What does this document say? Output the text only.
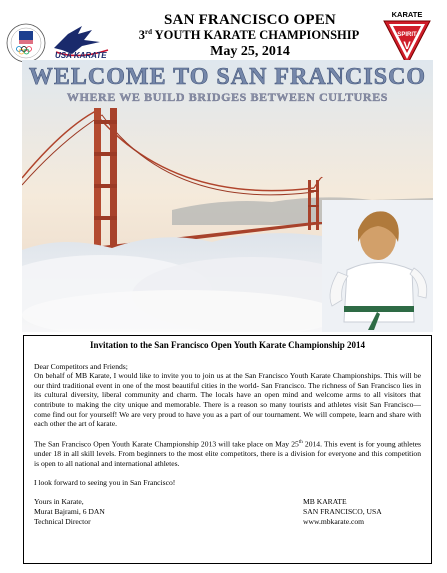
USA KARATE
SAN FRANCISCO OPEN
3rd YOUTH KARATE CHAMPIONSHIP
May 25, 2014
KARATE
SPIRIT
V
WELCOME TO SAN FRANCISCO
WHERE WE BUILD BRIDGES BETWEEN CULTURES
Invitation to the San Francisco Open Youth Karate Championship 2014

Dear Competitors and Friends;

On behalf of MB Karate, I would like to invite you to join us at the San Francisco Youth Karate Championships. This will be our third traditional event in one of the most beautiful cities in the world- San Francisco. The richness of San Francisco lies in its cultural diversity, liberal community and charm. The locals have an open mind and welcome arms to all visitors that contribute to making the city unique and memorable. There is a reason so many tourists and athletes visit San Francisco—come find out for yourself! We are very proud to have you as a part of our tournament. We will compete, learn and share with each other the art of karate.

The San Francisco Open Youth Karate Championship 2013 will take place on May 25th 2014. This event is for young athletes under 18 in all skill levels. From beginners to the most elite competitors, there is a division for everyone and this competition is open to all national and international athletes.

I look forward to seeing you in San Francisco!

Yours in Karate,
Murat Bajrami, 6 DAN
Technical Director
MB KARATE
SAN FRANCISCO, USA
www.mbkarate.com
